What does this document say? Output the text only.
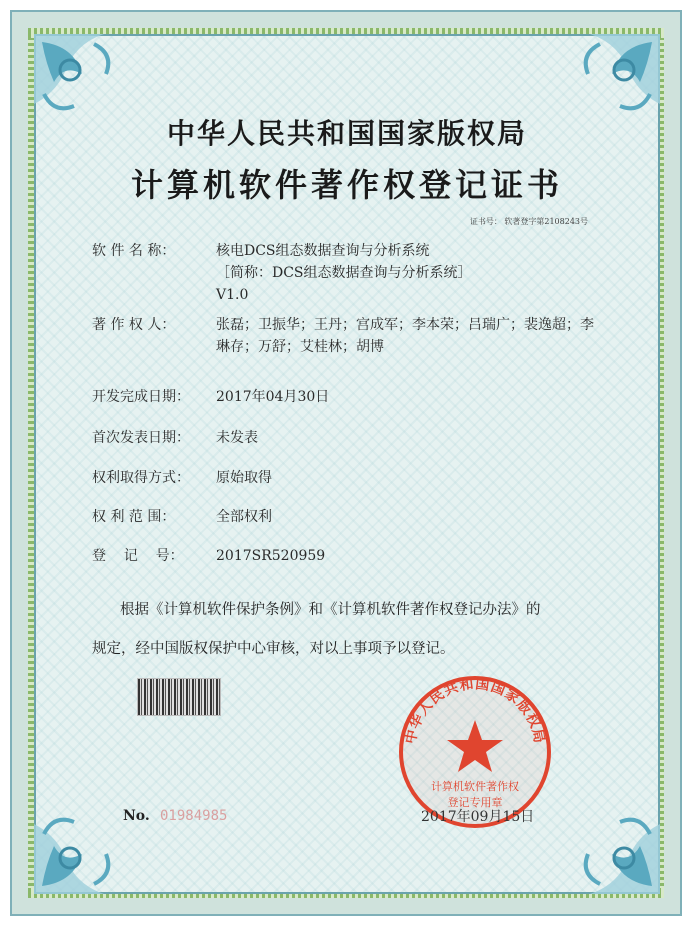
中华人民共和国国家版权局
计算机软件著作权登记证书
证书号： 软著登字第2108243号
软 件 名 称：	核电DCS组态数据查询与分析系统
［简称：DCS组态数据查询与分析系统］
V1.0
著 作 权 人：	张磊；卫振华；王丹；宫成军；李本荣；吕瑞广；裴逸超；李
琳存；万舒；艾桂林；胡博
开发完成日期： 2017年04月30日
首次发表日期： 未发表
权利取得方式： 原始取得
权 利 范 围：	全部权利
登    记    号： 2017SR520959
根据《计算机软件保护条例》和《计算机软件著作权登记办法》的
规定，经中国版权保护中心审核，对以上事项予以登记。
No. 01984985
中华人民共和国国家版权局
计算机软件著作权
登记专用章
2017年09月15日
